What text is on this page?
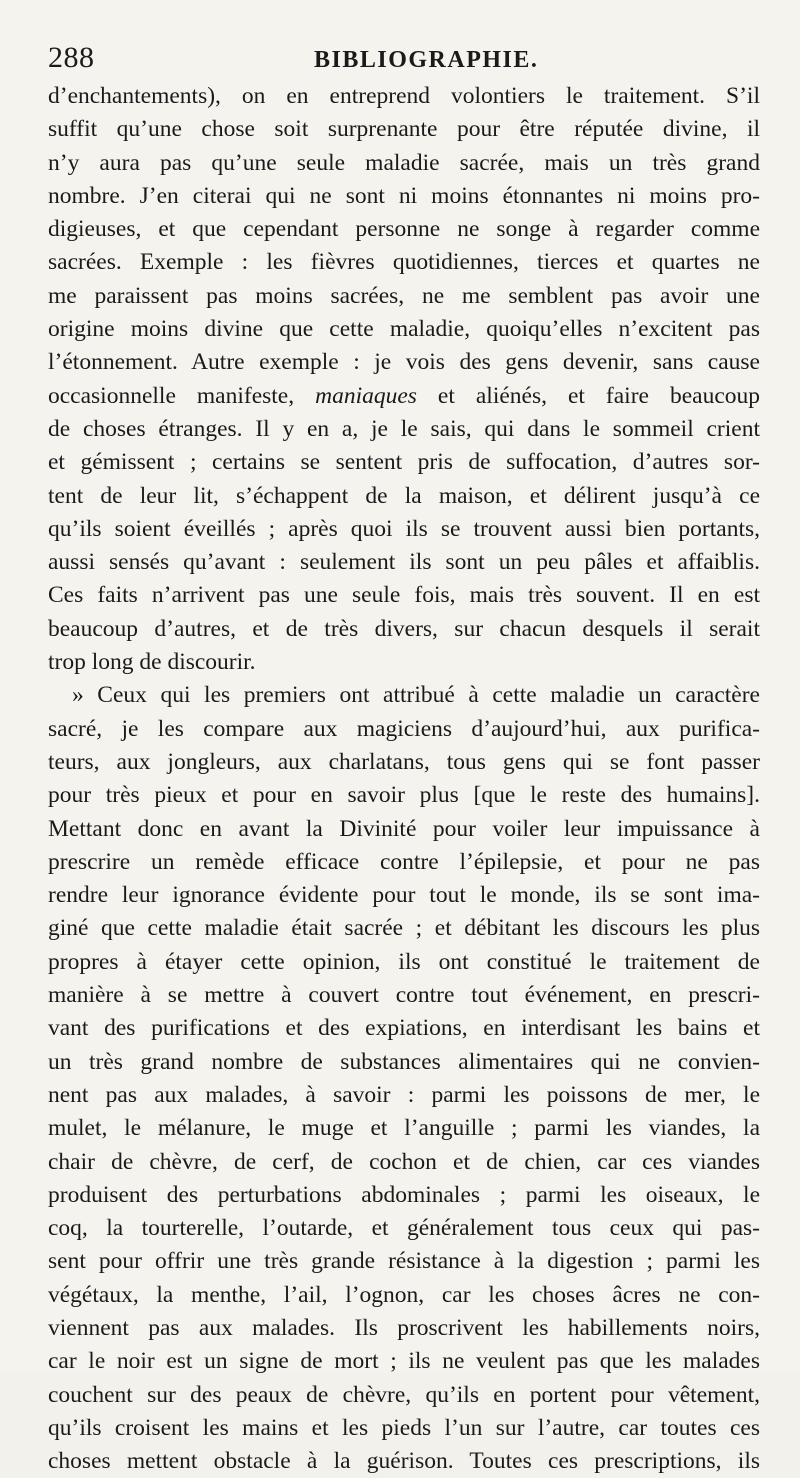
288	BIBLIOGRAPHIE.
d’enchantements), on en entreprend volontiers le traitement. S’il
suffit qu’une chose soit surprenante pour être réputée divine, il
n’y aura pas qu’une seule maladie sacrée, mais un très grand
nombre. J’en citerai qui ne sont ni moins étonnantes ni moins pro-
digieuses, et que cependant personne ne songe à regarder comme
sacrées. Exemple : les fièvres quotidiennes, tierces et quartes ne
me paraissent pas moins sacrées, ne me semblent pas avoir une
origine moins divine que cette maladie, quoiqu’elles n’excitent pas
l’étonnement. Autre exemple : je vois des gens devenir, sans cause
occasionnelle manifeste, maniaques et aliénés, et faire beaucoup
de choses étranges. Il y en a, je le sais, qui dans le sommeil crient
et gémissent ; certains se sentent pris de suffocation, d’autres sor-
tent de leur lit, s’échappent de la maison, et délirent jusqu’à ce
qu’ils soient éveillés ; après quoi ils se trouvent aussi bien portants,
aussi sensés qu’avant : seulement ils sont un peu pâles et affaiblis.
Ces faits n’arrivent pas une seule fois, mais très souvent. Il en est
beaucoup d’autres, et de très divers, sur chacun desquels il serait
trop long de discourir.
» Ceux qui les premiers ont attribué à cette maladie un caractère
sacré, je les compare aux magiciens d’aujourd’hui, aux purifica-
teurs, aux jongleurs, aux charlatans, tous gens qui se font passer
pour très pieux et pour en savoir plus [que le reste des humains].
Mettant donc en avant la Divinité pour voiler leur impuissance à
prescrire un remède efficace contre l’épilepsie, et pour ne pas
rendre leur ignorance évidente pour tout le monde, ils se sont ima-
giné que cette maladie était sacrée ; et débitant les discours les plus
propres à étayer cette opinion, ils ont constitué le traitement de
manière à se mettre à couvert contre tout événement, en prescri-
vant des purifications et des expiations, en interdisant les bains et
un très grand nombre de substances alimentaires qui ne convien-
nent pas aux malades, à savoir : parmi les poissons de mer, le
mulet, le mélanure, le muge et l’anguille ; parmi les viandes, la
chair de chèvre, de cerf, de cochon et de chien, car ces viandes
produisent des perturbations abdominales ; parmi les oiseaux, le
coq, la tourterelle, l’outarde, et généralement tous ceux qui pas-
sent pour offrir une très grande résistance à la digestion ; parmi les
végétaux, la menthe, l’ail, l’ognon, car les choses âcres ne con-
viennent pas aux malades. Ils proscrivent les habillements noirs,
car le noir est un signe de mort ; ils ne veulent pas que les malades
couchent sur des peaux de chèvre, qu’ils en portent pour vêtement,
qu’ils croisent les mains et les pieds l’un sur l’autre, car toutes ces
choses mettent obstacle à la guérison. Toutes ces prescriptions, ils
